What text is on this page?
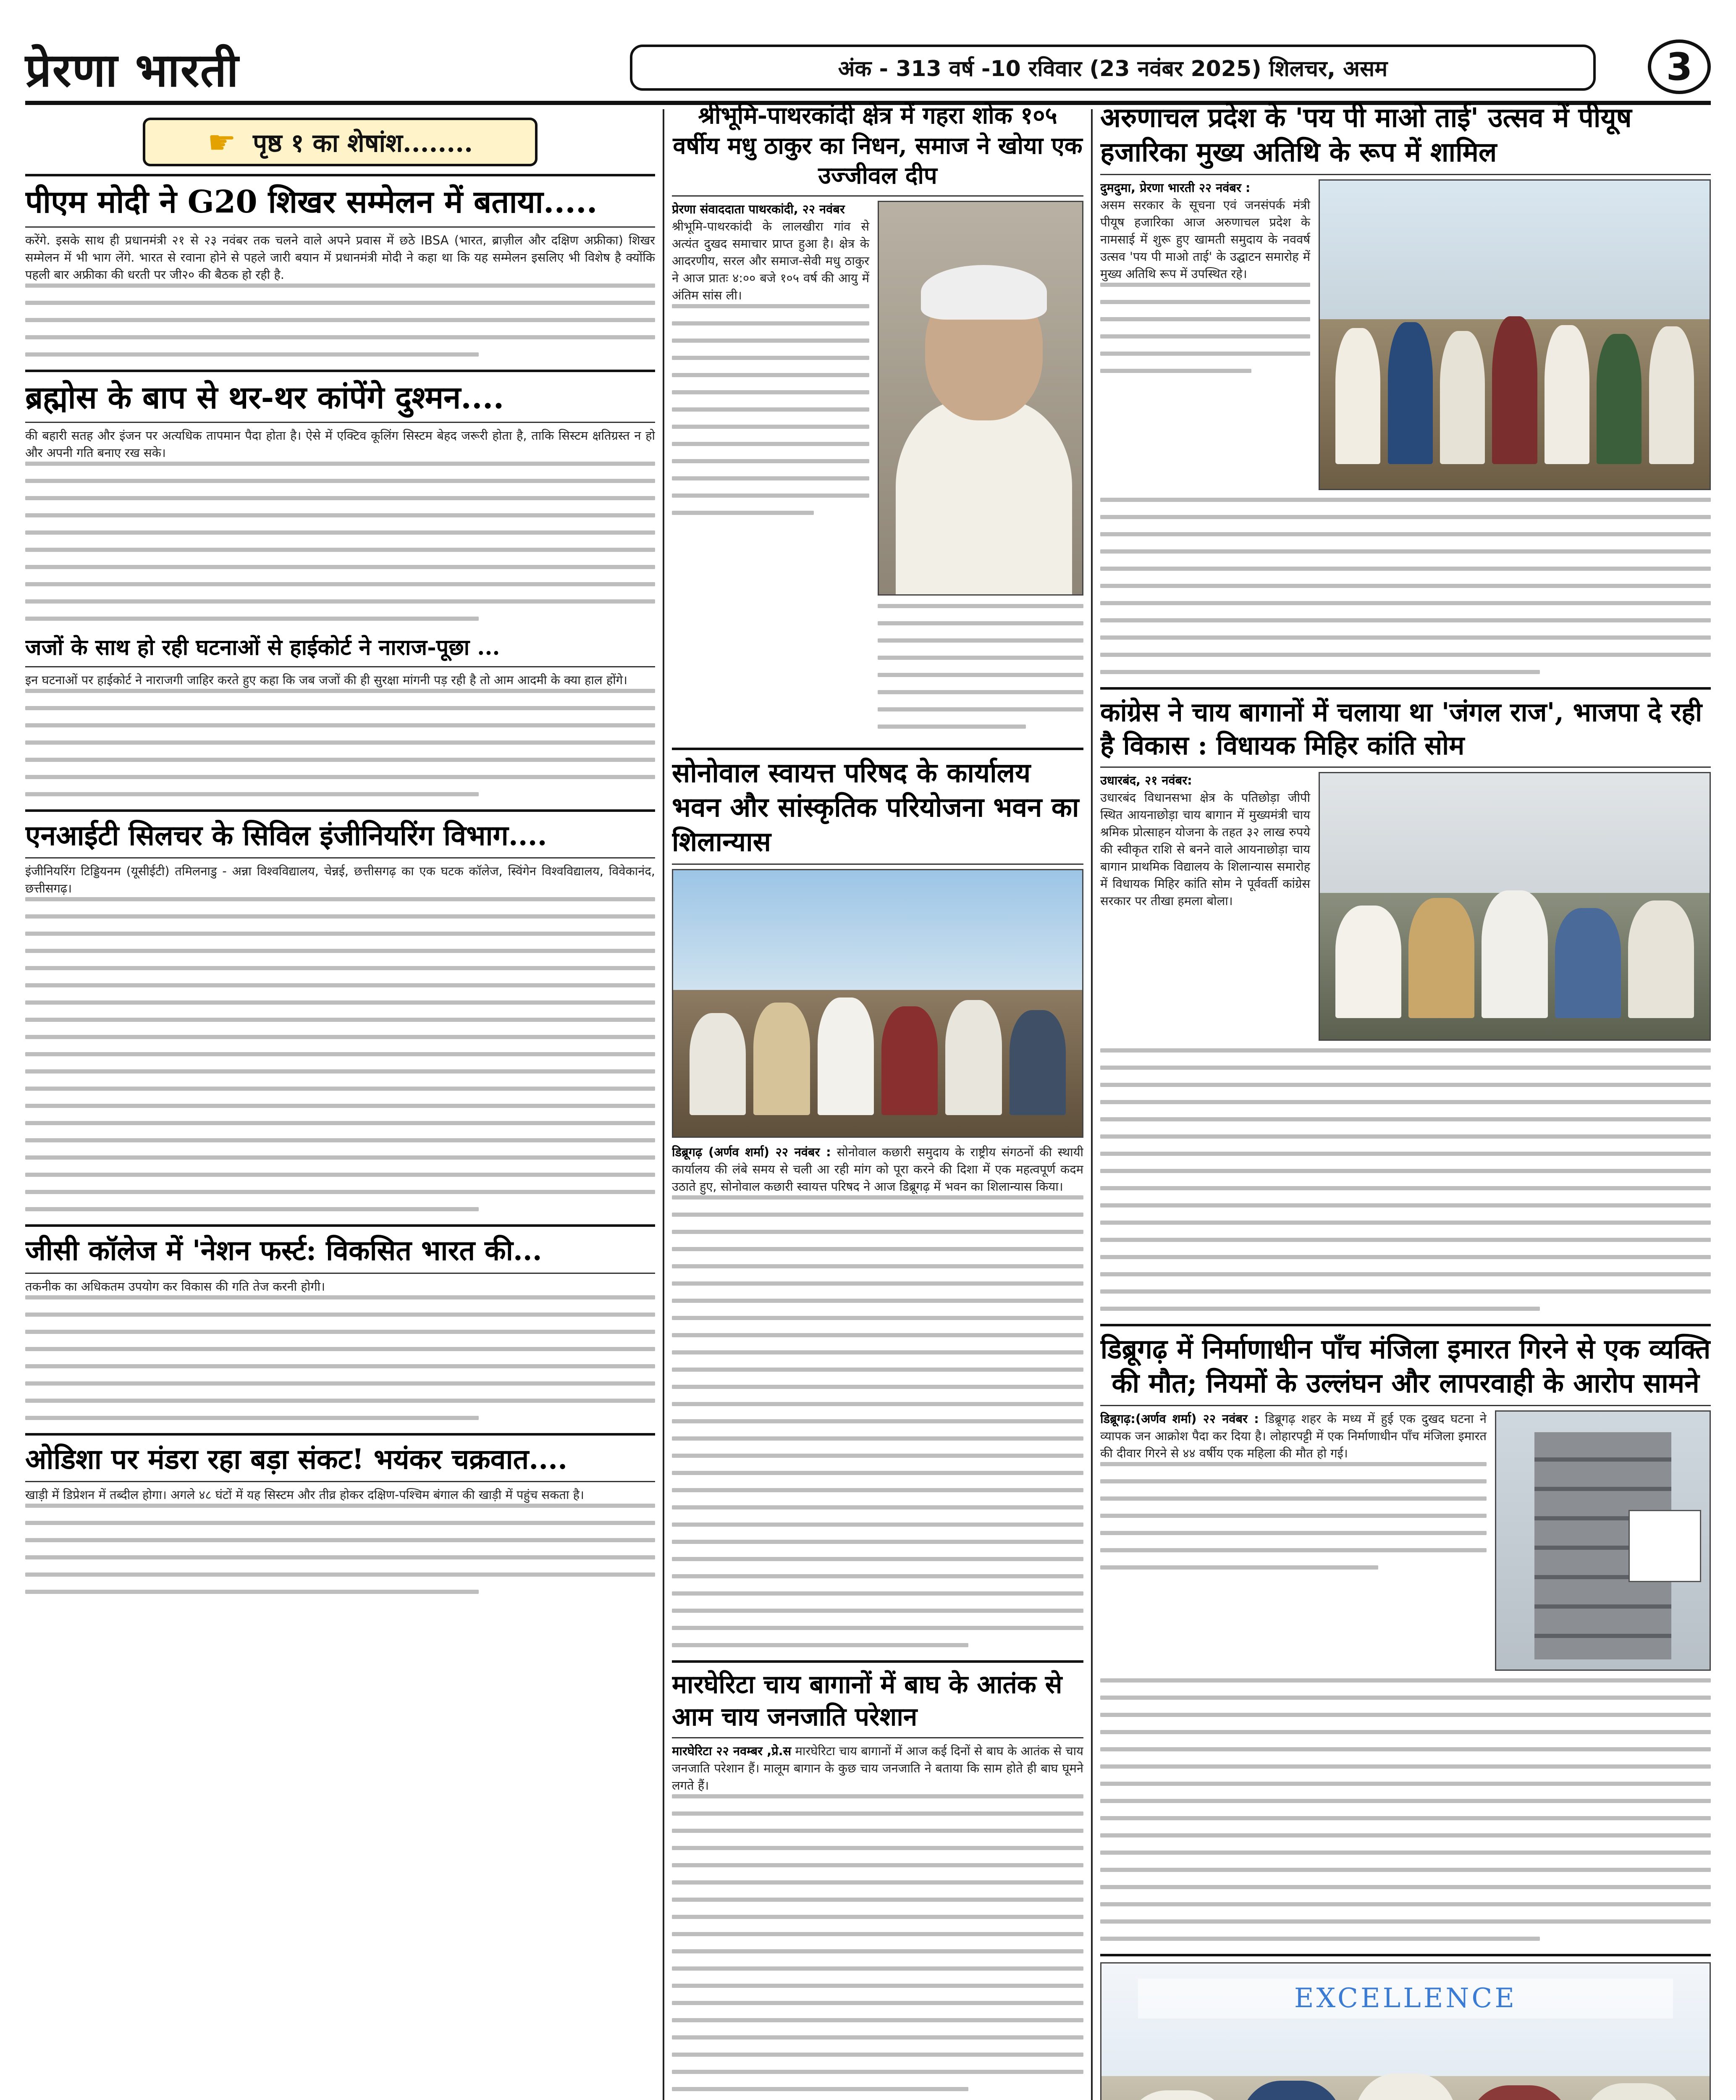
प्रेरणा भारती	अंक - 313 वर्ष -10 रविवार (23 नवंबर 2025) शिलचर, असम	3
☛ पृष्ठ १ का शेषांश........
पीएम मोदी ने G20 शिखर सम्मेलन में बताया.....

करेंगे. इसके साथ ही प्रधानमंत्री २१ से २३ नवंबर तक चलने वाले अपने प्रवास में छठे IBSA (भारत, ब्राज़ील और दक्षिण अफ्रीका) शिखर सम्मेलन में भी भाग लेंगे. भारत से रवाना होने से पहले जारी बयान में प्रधानमंत्री मोदी ने कहा था कि यह सम्मेलन इसलिए भी विशेष है क्योंकि पहली बार अफ्रीका की धरती पर जी२० की बैठक हो रही है.

ब्रह्मोस के बाप से थर-थर कांपेंगे दुश्मन....

की बहारी सतह और इंजन पर अत्यधिक तापमान पैदा होता है। ऐसे में एक्टिव कूलिंग सिस्टम बेहद जरूरी होता है, ताकि सिस्टम क्षतिग्रस्त न हो और अपनी गति बनाए रख सके।

जजों के साथ हो रही घटनाओं से हाईकोर्ट ने नाराज-पूछा ...

इन घटनाओं पर हाईकोर्ट ने नाराजगी जाहिर करते हुए कहा कि जब जजों की ही सुरक्षा मांगनी पड़ रही है तो आम आदमी के क्या हाल होंगे।

एनआईटी सिलचर के सिविल इंजीनियरिंग विभाग....

इंजीनियरिंग टिड्डियनम (यूसीईटी) तमिलनाडु - अन्ना विश्वविद्यालय, चेन्नई, छत्तीसगढ़ का एक घटक कॉलेज, स्विंगेन विश्वविद्यालय, विवेकानंद, छत्तीसगढ़।

जीसी कॉलेज में 'नेशन फर्स्ट: विकसित भारत की...

तकनीक का अधिकतम उपयोग कर विकास की गति तेज करनी होगी।

ओडिशा पर मंडरा रहा बड़ा संकट! भयंकर चक्रवात....

खाड़ी में डिप्रेशन में तब्दील होगा। अगले ४८ घंटों में यह सिस्टम और तीव्र होकर दक्षिण-पश्चिम बंगाल की खाड़ी में पहुंच सकता है।

श्रीभूमि-पाथरकांदी क्षेत्र में गहरा शोक १०५ वर्षीय मधु ठाकुर का निधन, समाज ने खोया एक उज्जीवल दीप

प्रेरणा संवाददाता पाथरकांदी, २२ नवंबर

श्रीभूमि-पाथरकांदी के लालखीरा गांव से अत्यंत दुखद समाचार प्राप्त हुआ है। क्षेत्र के आदरणीय, सरल और समाज-सेवी मधु ठाकुर ने आज प्रातः ४:०० बजे १०५ वर्ष की आयु में अंतिम सांस ली।

सोनोवाल स्वायत्त परिषद के कार्यालय भवन और सांस्कृतिक परियोजना भवन का शिलान्यास

डिब्रूगढ़ (अर्णव शर्मा) २२ नवंबर : सोनोवाल कछारी समुदाय के राष्ट्रीय संगठनों की स्थायी कार्यालय की लंबे समय से चली आ रही मांग को पूरा करने की दिशा में एक महत्वपूर्ण कदम उठाते हुए, सोनोवाल कछारी स्वायत्त परिषद ने आज डिब्रूगढ़ में भवन का शिलान्यास किया।

मारघेरिटा चाय बागानों में बाघ के आतंक से आम चाय जनजाति परेशान

मारघेरिटा २२ नवम्बर ,प्रे.स मारघेरिटा चाय बागानों में आज कई दिनों से बाघ के आतंक से चाय जनजाति परेशान हैं। मालूम बागान के कुछ चाय जनजाति ने बताया कि साम होते ही बाघ घूमने लगते हैं।

अरुणाचल प्रदेश के 'पय पी माओ ताई' उत्सव में पीयूष हजारिका मुख्य अतिथि के रूप में शामिल

दुमदुमा, प्रेरणा भारती २२ नवंबर :

असम सरकार के सूचना एवं जनसंपर्क मंत्री पीयूष हजारिका आज अरुणाचल प्रदेश के नामसाई में शुरू हुए खामती समुदाय के नववर्ष उत्सव 'पय पी माओ ताई' के उद्घाटन समारोह में मुख्य अतिथि रूप में उपस्थित रहे।

कांग्रेस ने चाय बागानों में चलाया था 'जंगल राज', भाजपा दे रही है विकास : विधायक मिहिर कांति सोम

उधारबंद, २१ नवंबर:

उधारबंद विधानसभा क्षेत्र के पतिछोड़ा जीपी स्थित आयनाछोड़ा चाय बागान में मुख्यमंत्री चाय श्रमिक प्रोत्साहन योजना के तहत ३२ लाख रुपये की स्वीकृत राशि से बनने वाले आयनाछोड़ा चाय बागान प्राथमिक विद्यालय के शिलान्यास समारोह में विधायक मिहिर कांति सोम ने पूर्ववर्ती कांग्रेस सरकार पर तीखा हमला बोला।

डिब्रूगढ़ में निर्माणाधीन पाँच मंजिला इमारत गिरने से एक व्यक्ति की मौत; नियमों के उल्लंघन और लापरवाही के आरोप सामने

डिब्रूगढ़:(अर्णव शर्मा) २२ नवंबर : डिब्रूगढ़ शहर के मध्य में हुई एक दुखद घटना ने व्यापक जन आक्रोश पैदा कर दिया है। लोहारपट्टी में एक निर्माणाधीन पाँच मंजिला इमारत की दीवार गिरने से ४४ वर्षीय एक महिला की मौत हो गई।

EXCELLENCE
